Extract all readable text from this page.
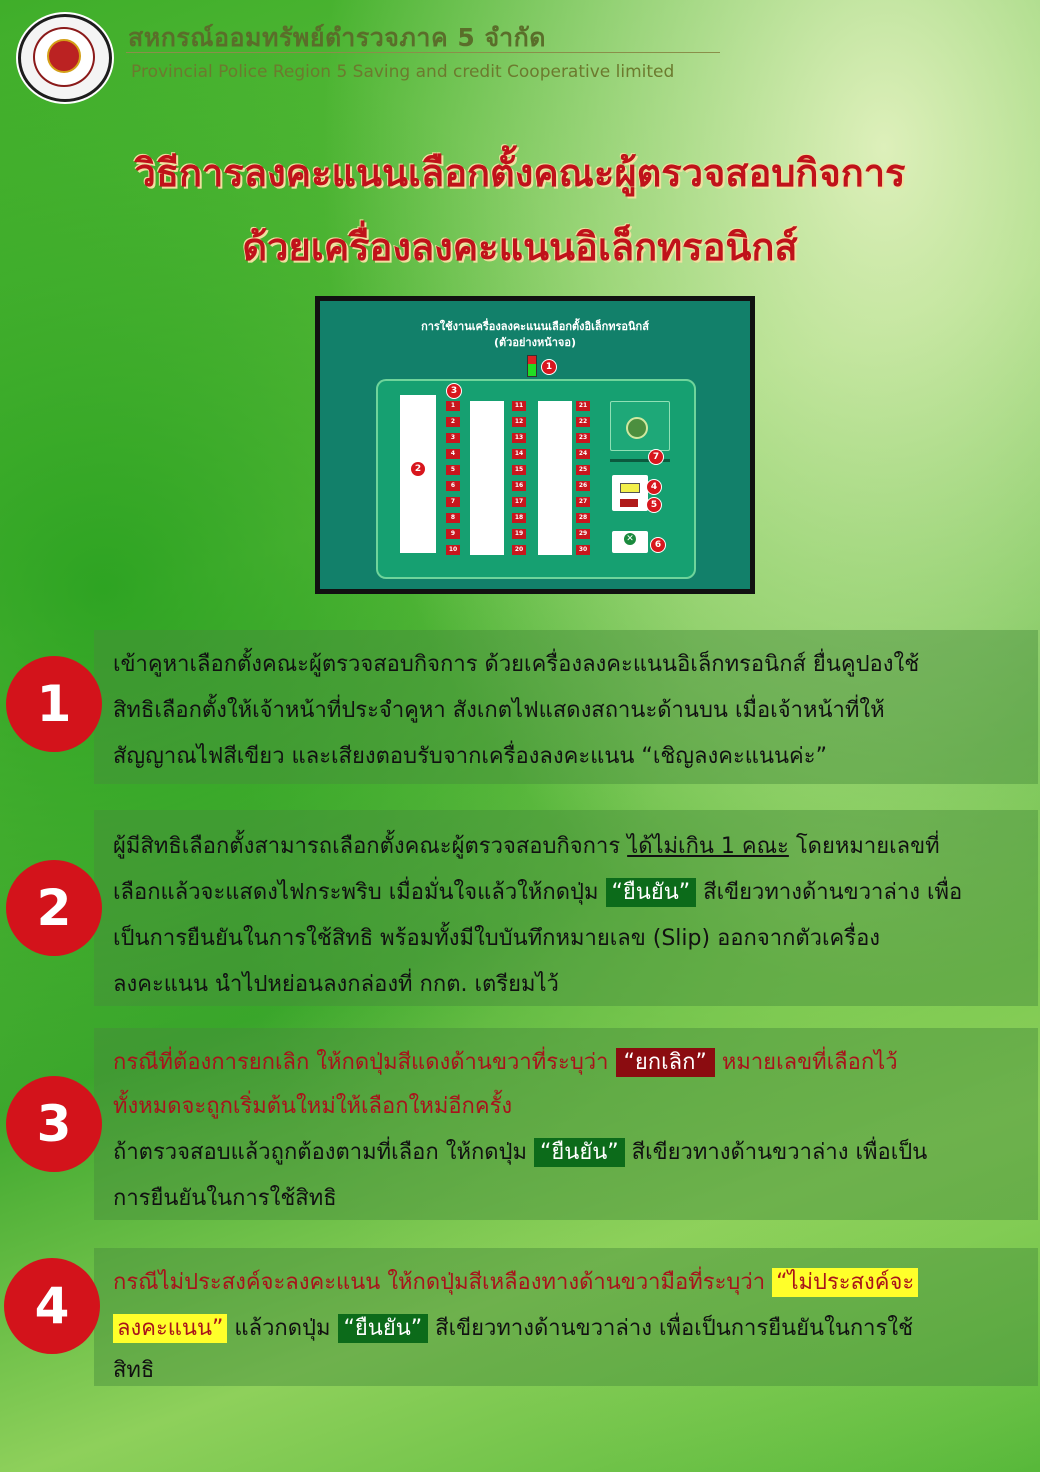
สหกรณ์ออมทรัพย์ตำรวจภาค 5 จำกัด
Provincial Police Region 5 Saving and credit Cooperative limited
วิธีการลงคะแนนเลือกตั้งคณะผู้ตรวจสอบกิจการ
ด้วยเครื่องลงคะแนนอิเล็กทรอนิกส์
การใช้งานเครื่องลงคะแนนเลือกตั้งอิเล็กทรอนิกส์
(ตัวอย่างหน้าจอ)
1
2
3
1
2
3
4
5
6
7
8
9
10
11
12
13
14
15
16
17
18
19
20
21
22
23
24
25
26
27
28
29
30
7
4
5
✕
6
เข้าคูหาเลือกตั้งคณะผู้ตรวจสอบกิจการ ด้วยเครื่องลงคะแนนอิเล็กทรอนิกส์ ยื่นคูปองใช้
สิทธิเลือกตั้งให้เจ้าหน้าที่ประจำคูหา สังเกตไฟแสดงสถานะด้านบน เมื่อเจ้าหน้าที่ให้
สัญญาณไฟสีเขียว และเสียงตอบรับจากเครื่องลงคะแนน “เชิญลงคะแนนค่ะ”
1
ผู้มีสิทธิเลือกตั้งสามารถเลือกตั้งคณะผู้ตรวจสอบกิจการ ได้ไม่เกิน 1 คณะ โดยหมายเลขที่
เลือกแล้วจะแสดงไฟกระพริบ เมื่อมั่นใจแล้วให้กดปุ่ม “ยืนยัน” สีเขียวทางด้านขวาล่าง เพื่อ
เป็นการยืนยันในการใช้สิทธิ พร้อมทั้งมีใบบันทึกหมายเลข (Slip) ออกจากตัวเครื่อง
ลงคะแนน นำไปหย่อนลงกล่องที่ กกต. เตรียมไว้
2
กรณีที่ต้องการยกเลิก ให้กดปุ่มสีแดงด้านขวาที่ระบุว่า “ยกเลิก” หมายเลขที่เลือกไว้
ทั้งหมดจะถูกเริ่มต้นใหม่ให้เลือกใหม่อีกครั้ง
ถ้าตรวจสอบแล้วถูกต้องตามที่เลือก ให้กดปุ่ม “ยืนยัน” สีเขียวทางด้านขวาล่าง เพื่อเป็น
การยืนยันในการใช้สิทธิ
3
กรณีไม่ประสงค์จะลงคะแนน ให้กดปุ่มสีเหลืองทางด้านขวามือที่ระบุว่า “ไม่ประสงค์จะ
ลงคะแนน” แล้วกดปุ่ม “ยืนยัน” สีเขียวทางด้านขวาล่าง เพื่อเป็นการยืนยันในการใช้
สิทธิ
4
